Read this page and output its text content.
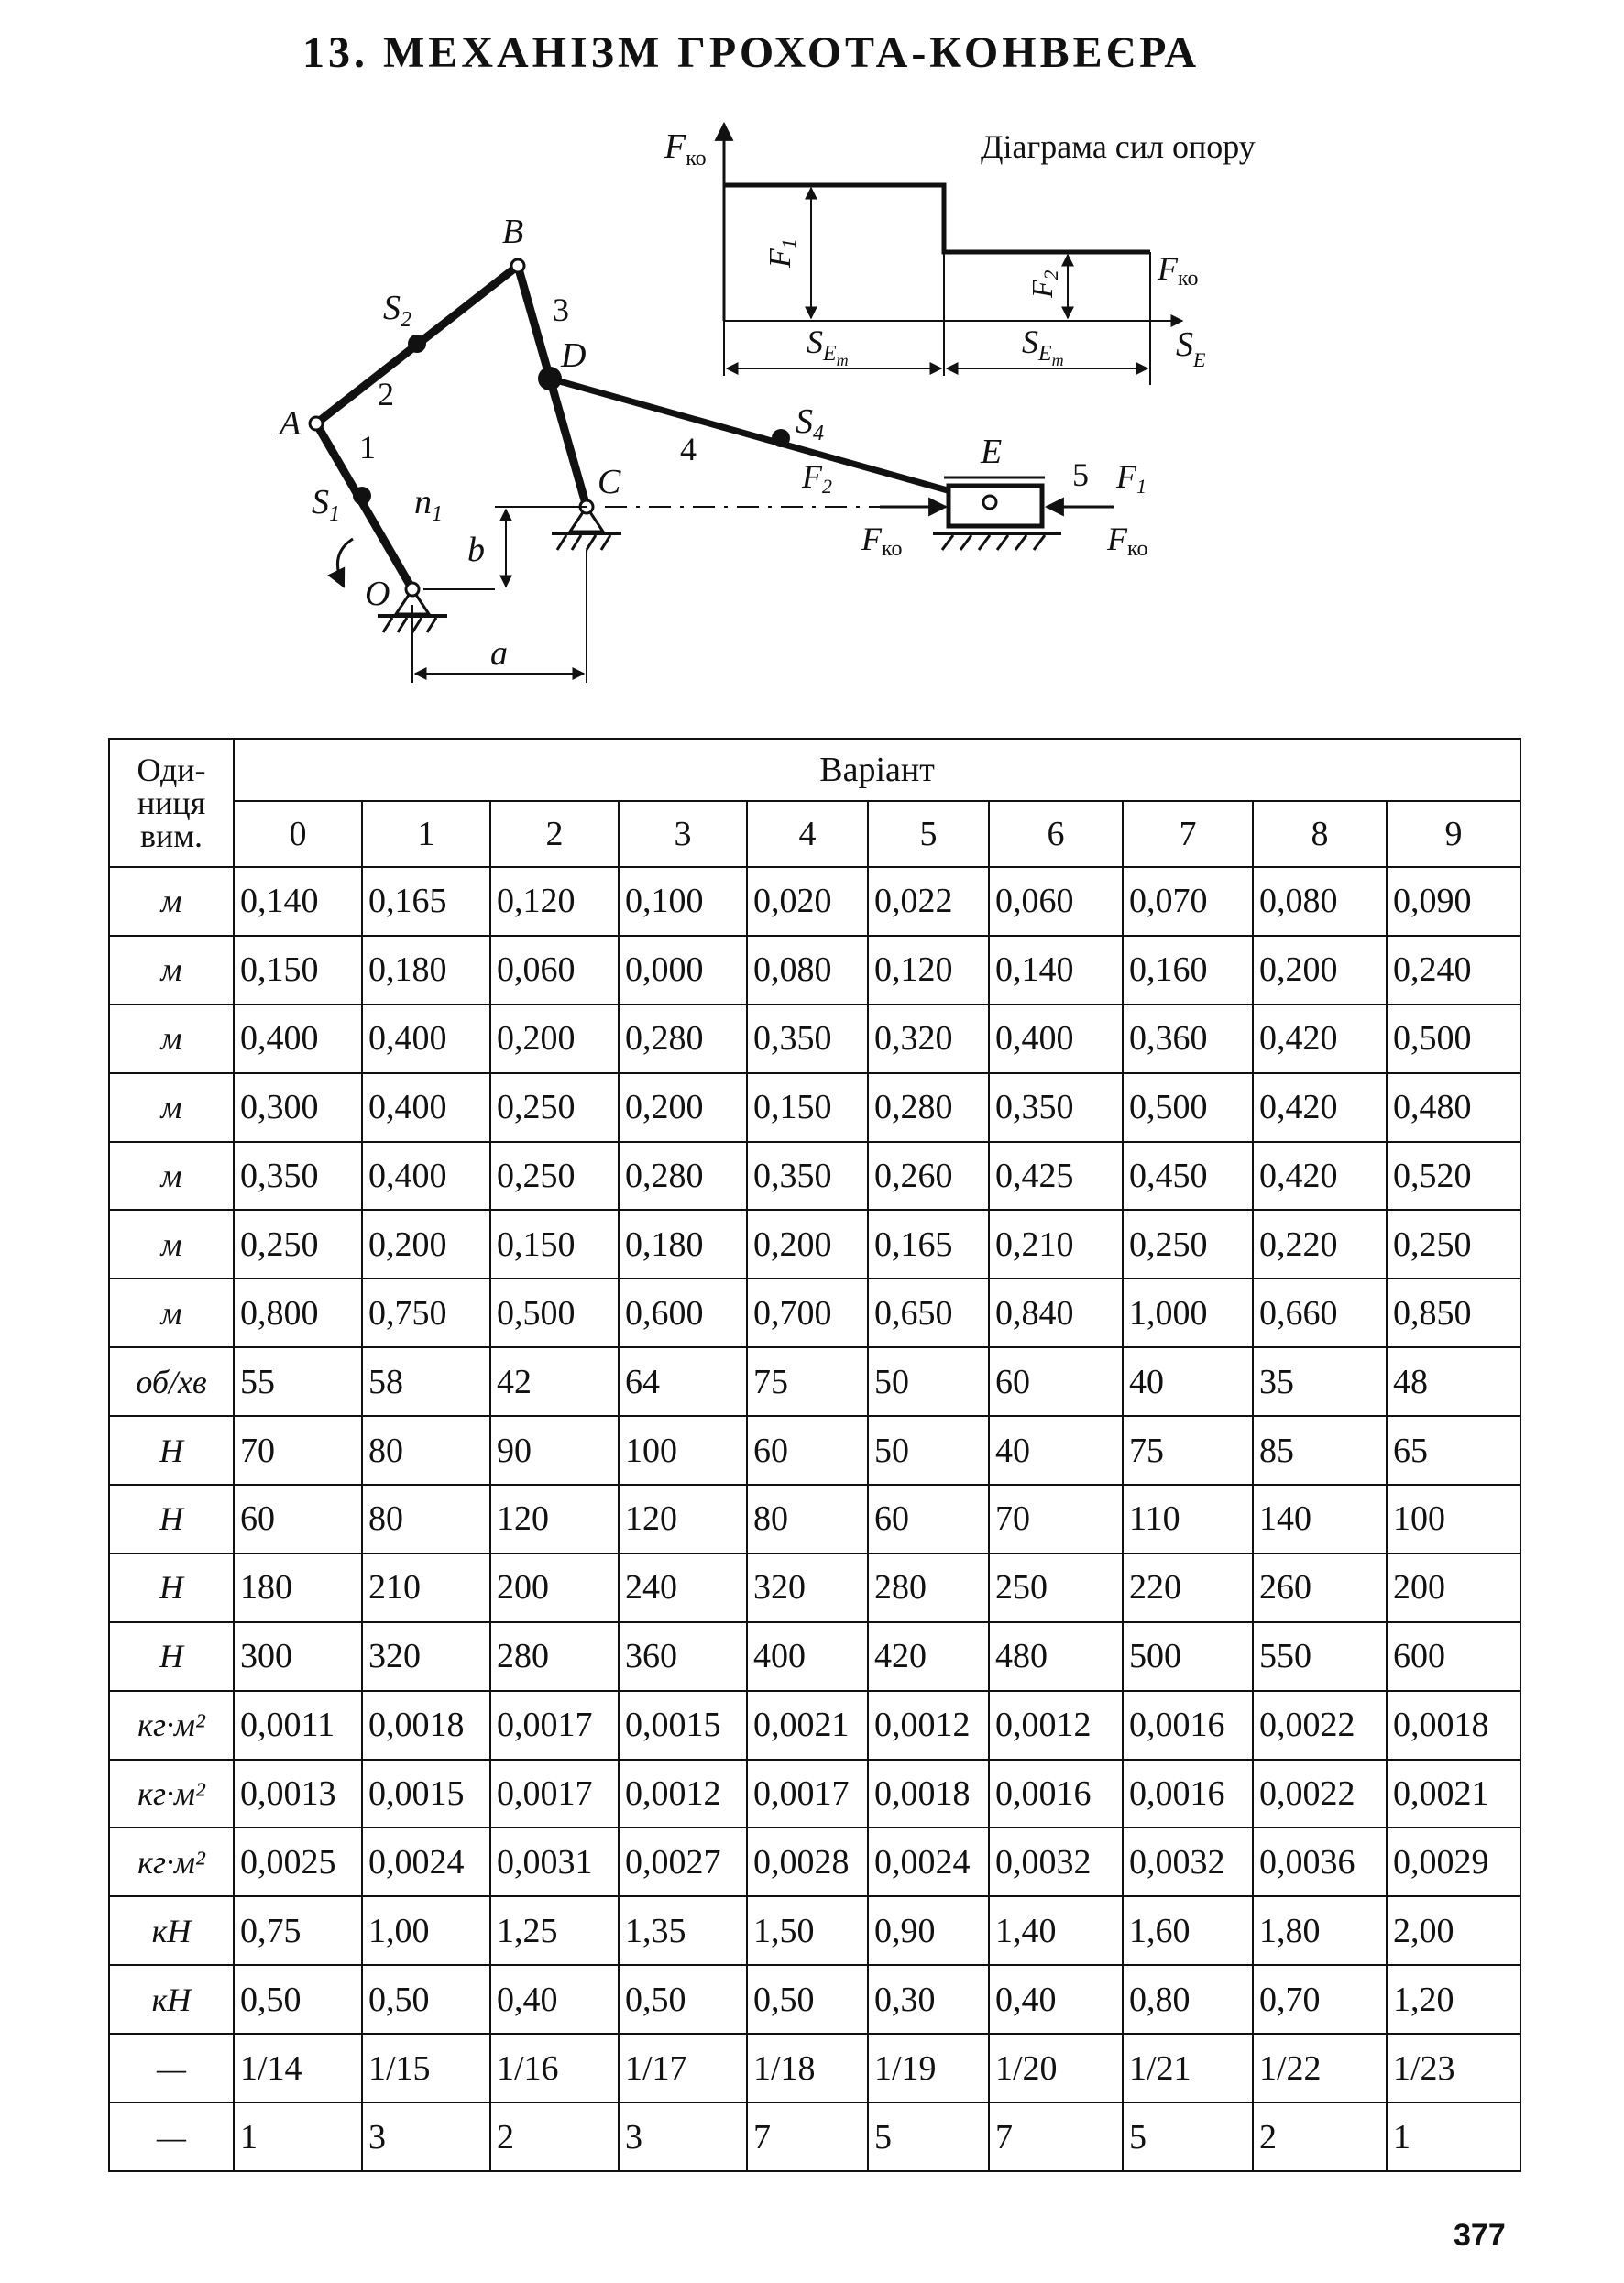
13. МЕХАНІЗМ ГРОХОТА-КОНВЕЄРА
Діаграма сил опору
$F_{ко}$
F1
F2	Fко
$S_Em$	$S_Em$	$S_E$
B
D
A
C
O
E
$S_1$
$S_2$
$S_4$
1
2
3
4
5
$n_1$
a
b
F2	F1
Fко	Fко
Оди-
ниця
вим.	Варіант									
	0	1	2	3	4	5	6	7	8	9
м	0,140	0,165	0,120	0,100	0,020	0,022	0,060	0,070	0,080	0,090
м	0,150	0,180	0,060	0,000	0,080	0,120	0,140	0,160	0,200	0,240
м	0,400	0,400	0,200	0,280	0,350	0,320	0,400	0,360	0,420	0,500
м	0,300	0,400	0,250	0,200	0,150	0,280	0,350	0,500	0,420	0,480
м	0,350	0,400	0,250	0,280	0,350	0,260	0,425	0,450	0,420	0,520
м	0,250	0,200	0,150	0,180	0,200	0,165	0,210	0,250	0,220	0,250
м	0,800	0,750	0,500	0,600	0,700	0,650	0,840	1,000	0,660	0,850
об/хв	55	58	42	64	75	50	60	40	35	48
Н	70	80	90	100	60	50	40	75	85	65
Н	60	80	120	120	80	60	70	110	140	100
Н	180	210	200	240	320	280	250	220	260	200
Н	300	320	280	360	400	420	480	500	550	600
кг·м²	0,0011	0,0018	0,0017	0,0015	0,0021	0,0012	0,0012	0,0016	0,0022	0,0018
кг·м²	0,0013	0,0015	0,0017	0,0012	0,0017	0,0018	0,0016	0,0016	0,0022	0,0021
кг·м²	0,0025	0,0024	0,0031	0,0027	0,0028	0,0024	0,0032	0,0032	0,0036	0,0029
кН	0,75	1,00	1,25	1,35	1,50	0,90	1,40	1,60	1,80	2,00
кН	0,50	0,50	0,40	0,50	0,50	0,30	0,40	0,80	0,70	1,20
—	1/14	1/15	1/16	1/17	1/18	1/19	1/20	1/21	1/22	1/23
—	1	3	2	3	7	5	7	5	2	1
377
